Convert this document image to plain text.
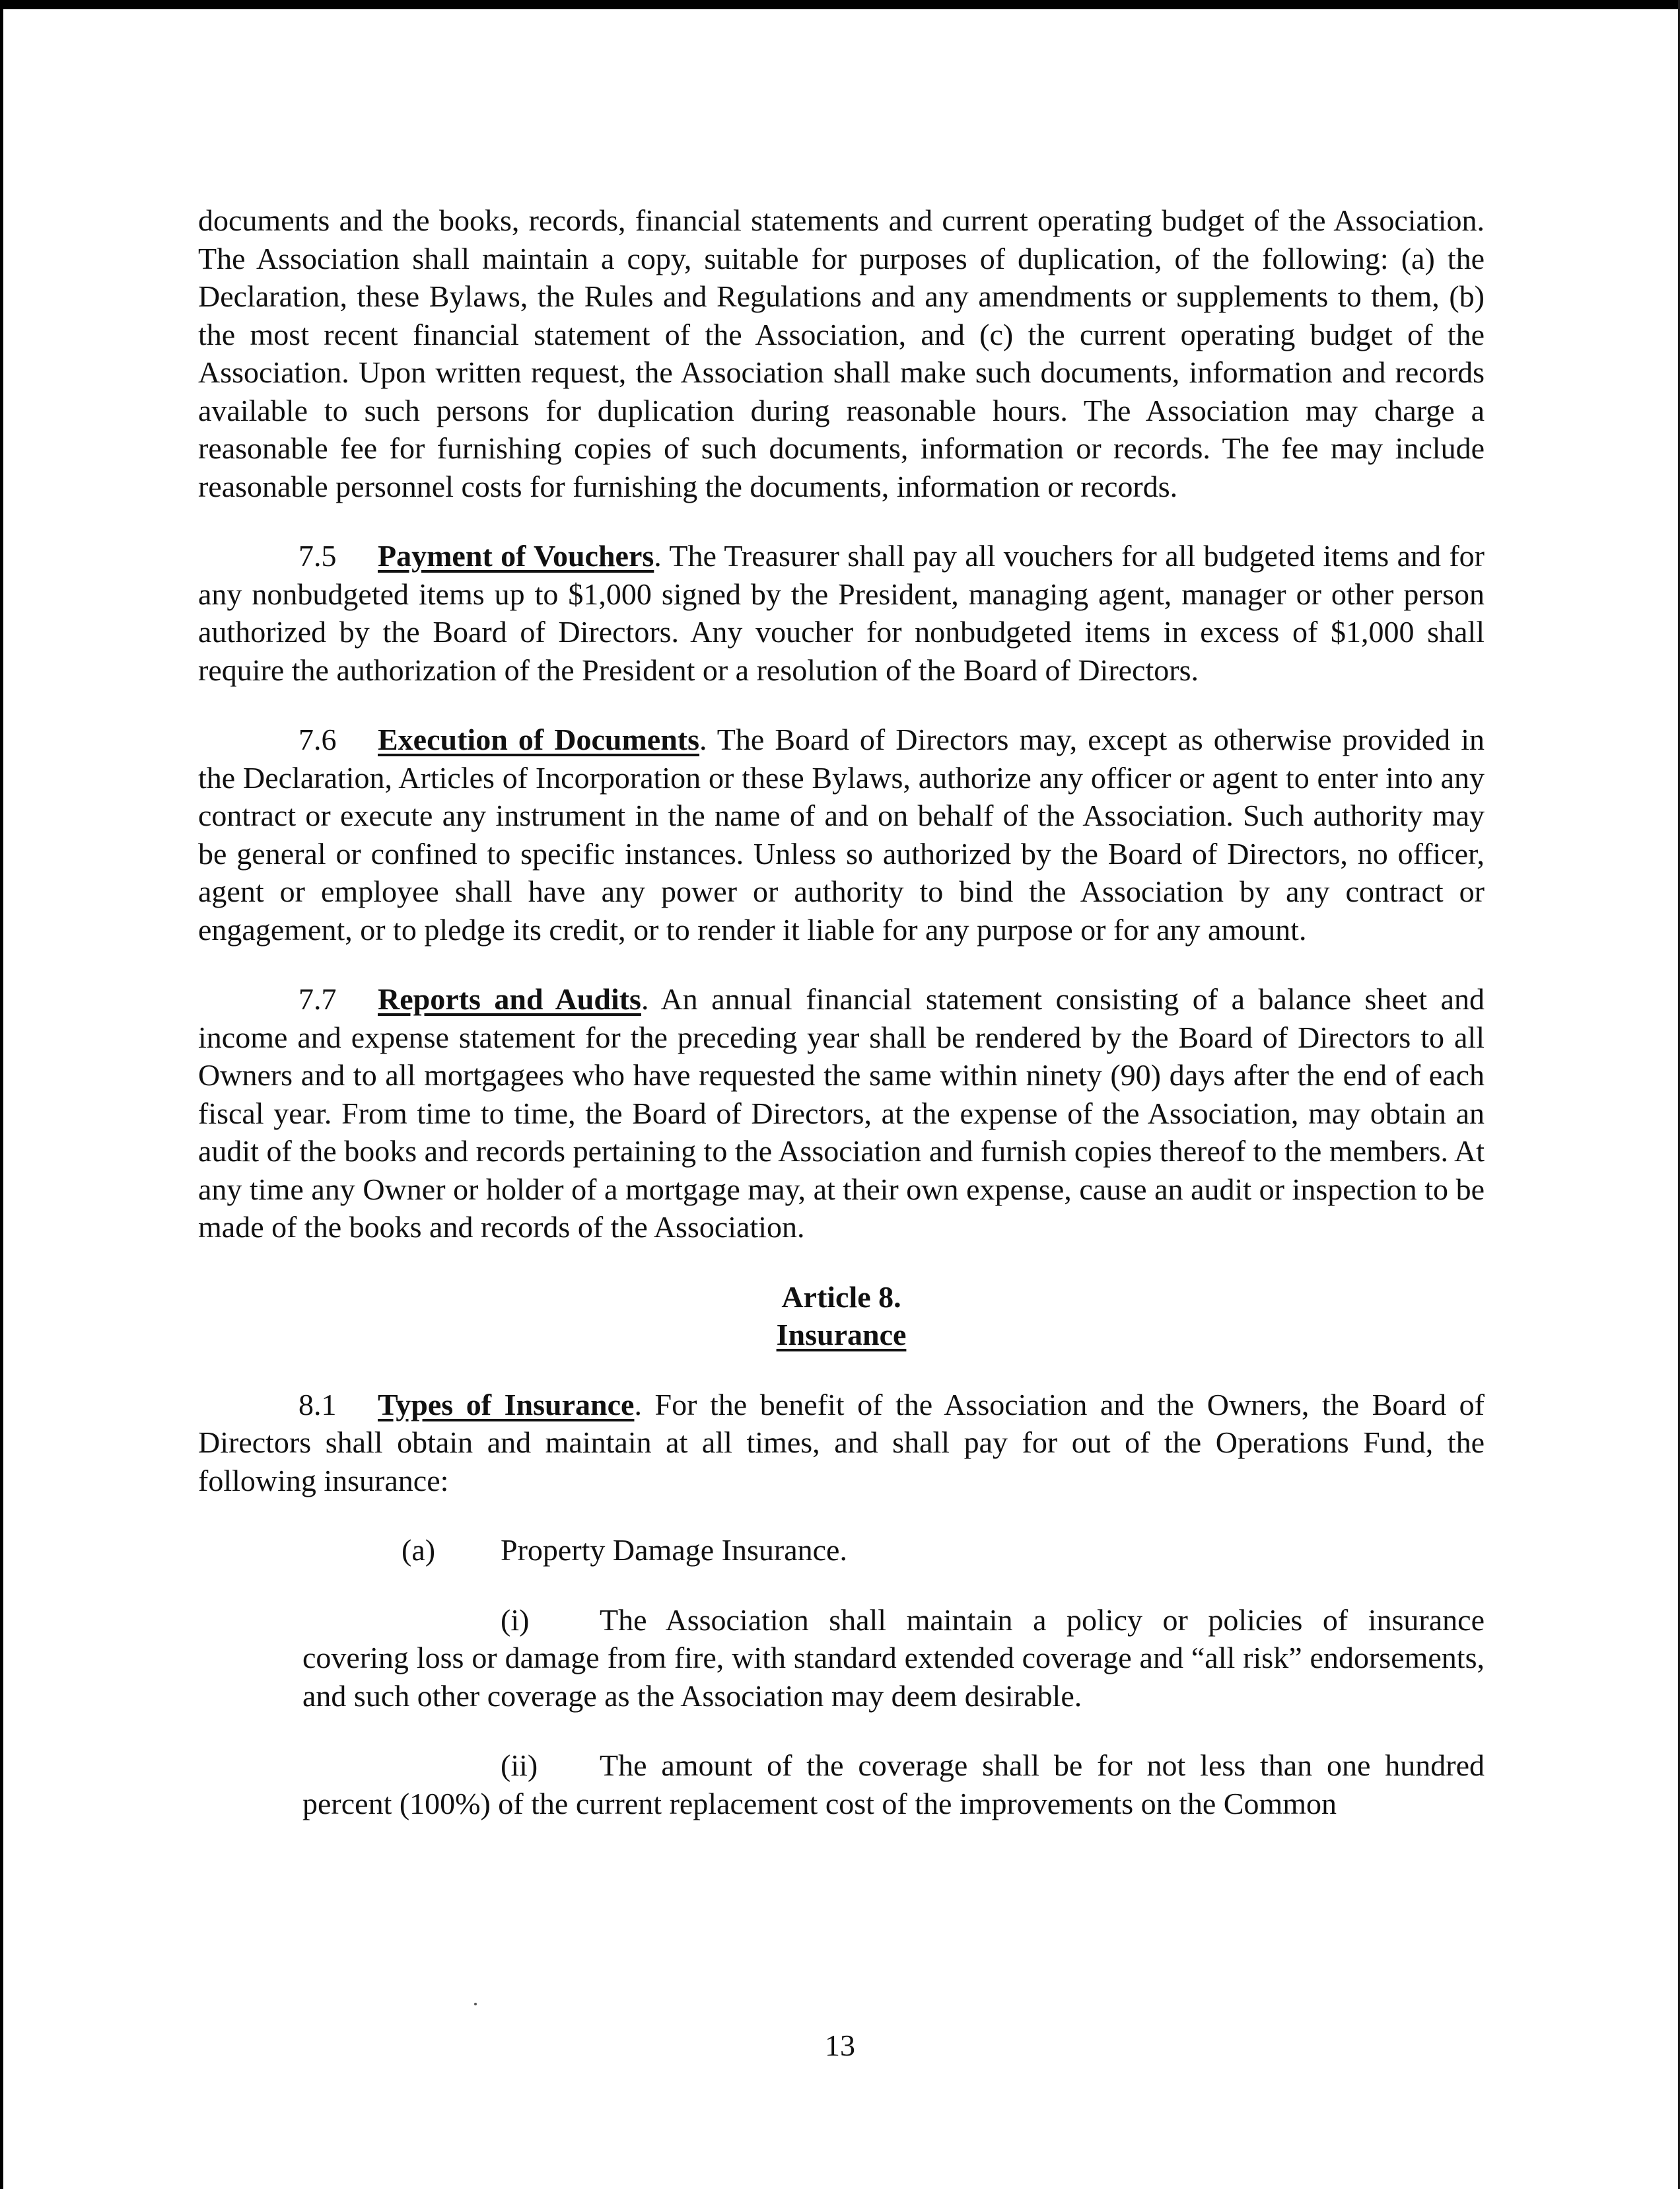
documents and the books, records, financial statements and current operating budget of the Association. The Association shall maintain a copy, suitable for purposes of duplication, of the following: (a) the Declaration, these Bylaws, the Rules and Regulations and any amendments or supplements to them, (b) the most recent financial statement of the Association, and (c) the current operating budget of the Association. Upon written request, the Association shall make such documents, information and records available to such persons for duplication during reasonable hours. The Association may charge a reasonable fee for furnishing copies of such documents, information or records. The fee may include reasonable personnel costs for furnishing the documents, information or records.

7.5 Payment of Vouchers. The Treasurer shall pay all vouchers for all budgeted items and for any nonbudgeted items up to $1,000 signed by the President, managing agent, manager or other person authorized by the Board of Directors. Any voucher for nonbudgeted items in excess of $1,000 shall require the authorization of the President or a resolution of the Board of Directors.

7.6 Execution of Documents. The Board of Directors may, except as otherwise provided in the Declaration, Articles of Incorporation or these Bylaws, authorize any officer or agent to enter into any contract or execute any instrument in the name of and on behalf of the Association. Such authority may be general or confined to specific instances. Unless so authorized by the Board of Directors, no officer, agent or employee shall have any power or authority to bind the Association by any contract or engagement, or to pledge its credit, or to render it liable for any purpose or for any amount.

7.7 Reports and Audits. An annual financial statement consisting of a balance sheet and income and expense statement for the preceding year shall be rendered by the Board of Directors to all Owners and to all mortgagees who have requested the same within ninety (90) days after the end of each fiscal year. From time to time, the Board of Directors, at the expense of the Association, may obtain an audit of the books and records pertaining to the Association and furnish copies thereof to the members. At any time any Owner or holder of a mortgage may, at their own expense, cause an audit or inspection to be made of the books and records of the Association.

Article 8.
Insurance

8.1 Types of Insurance. For the benefit of the Association and the Owners, the Board of Directors shall obtain and maintain at all times, and shall pay for out of the Operations Fund, the following insurance:

(a) Property Damage Insurance.

(i) The Association shall maintain a policy or policies of insurance covering loss or damage from fire, with standard extended coverage and “all risk” endorsements, and such other coverage as the Association may deem desirable.

(ii) The amount of the coverage shall be for not less than one hundred percent (100%) of the current replacement cost of the improvements on the Common

13
